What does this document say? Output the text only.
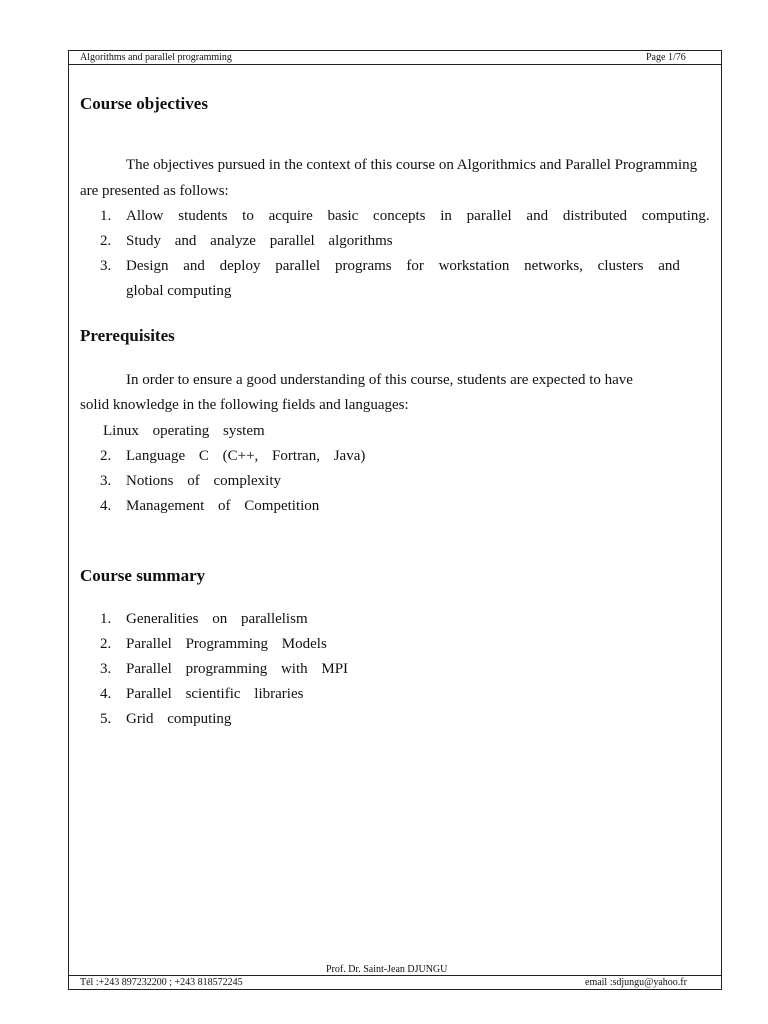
Algorithms and parallel programming	Page 1/76
Course objectives
The objectives pursued in the context of this course on Algorithmics and Parallel Programming
are presented as follows:
1. Allow students to acquire basic concepts in parallel and distributed computing.
2. Study and analyze parallel algorithms
3. Design and deploy parallel programs for workstation networks, clusters and
global computing
Prerequisites
In order to ensure a good understanding of this course, students are expected to have
solid knowledge in the following fields and languages:
Linux operating system
2. Language C (C++, Fortran, Java)
3. Notions of complexity
4. Management of Competition
Course summary
1. Generalities on parallelism
2. Parallel Programming Models
3. Parallel programming with MPI
4. Parallel scientific libraries
5. Grid computing
Prof. Dr. Saint-Jean DJUNGU
Tél :+243 897232200 ; +243 818572245	email :sdjungu@yahoo.fr
